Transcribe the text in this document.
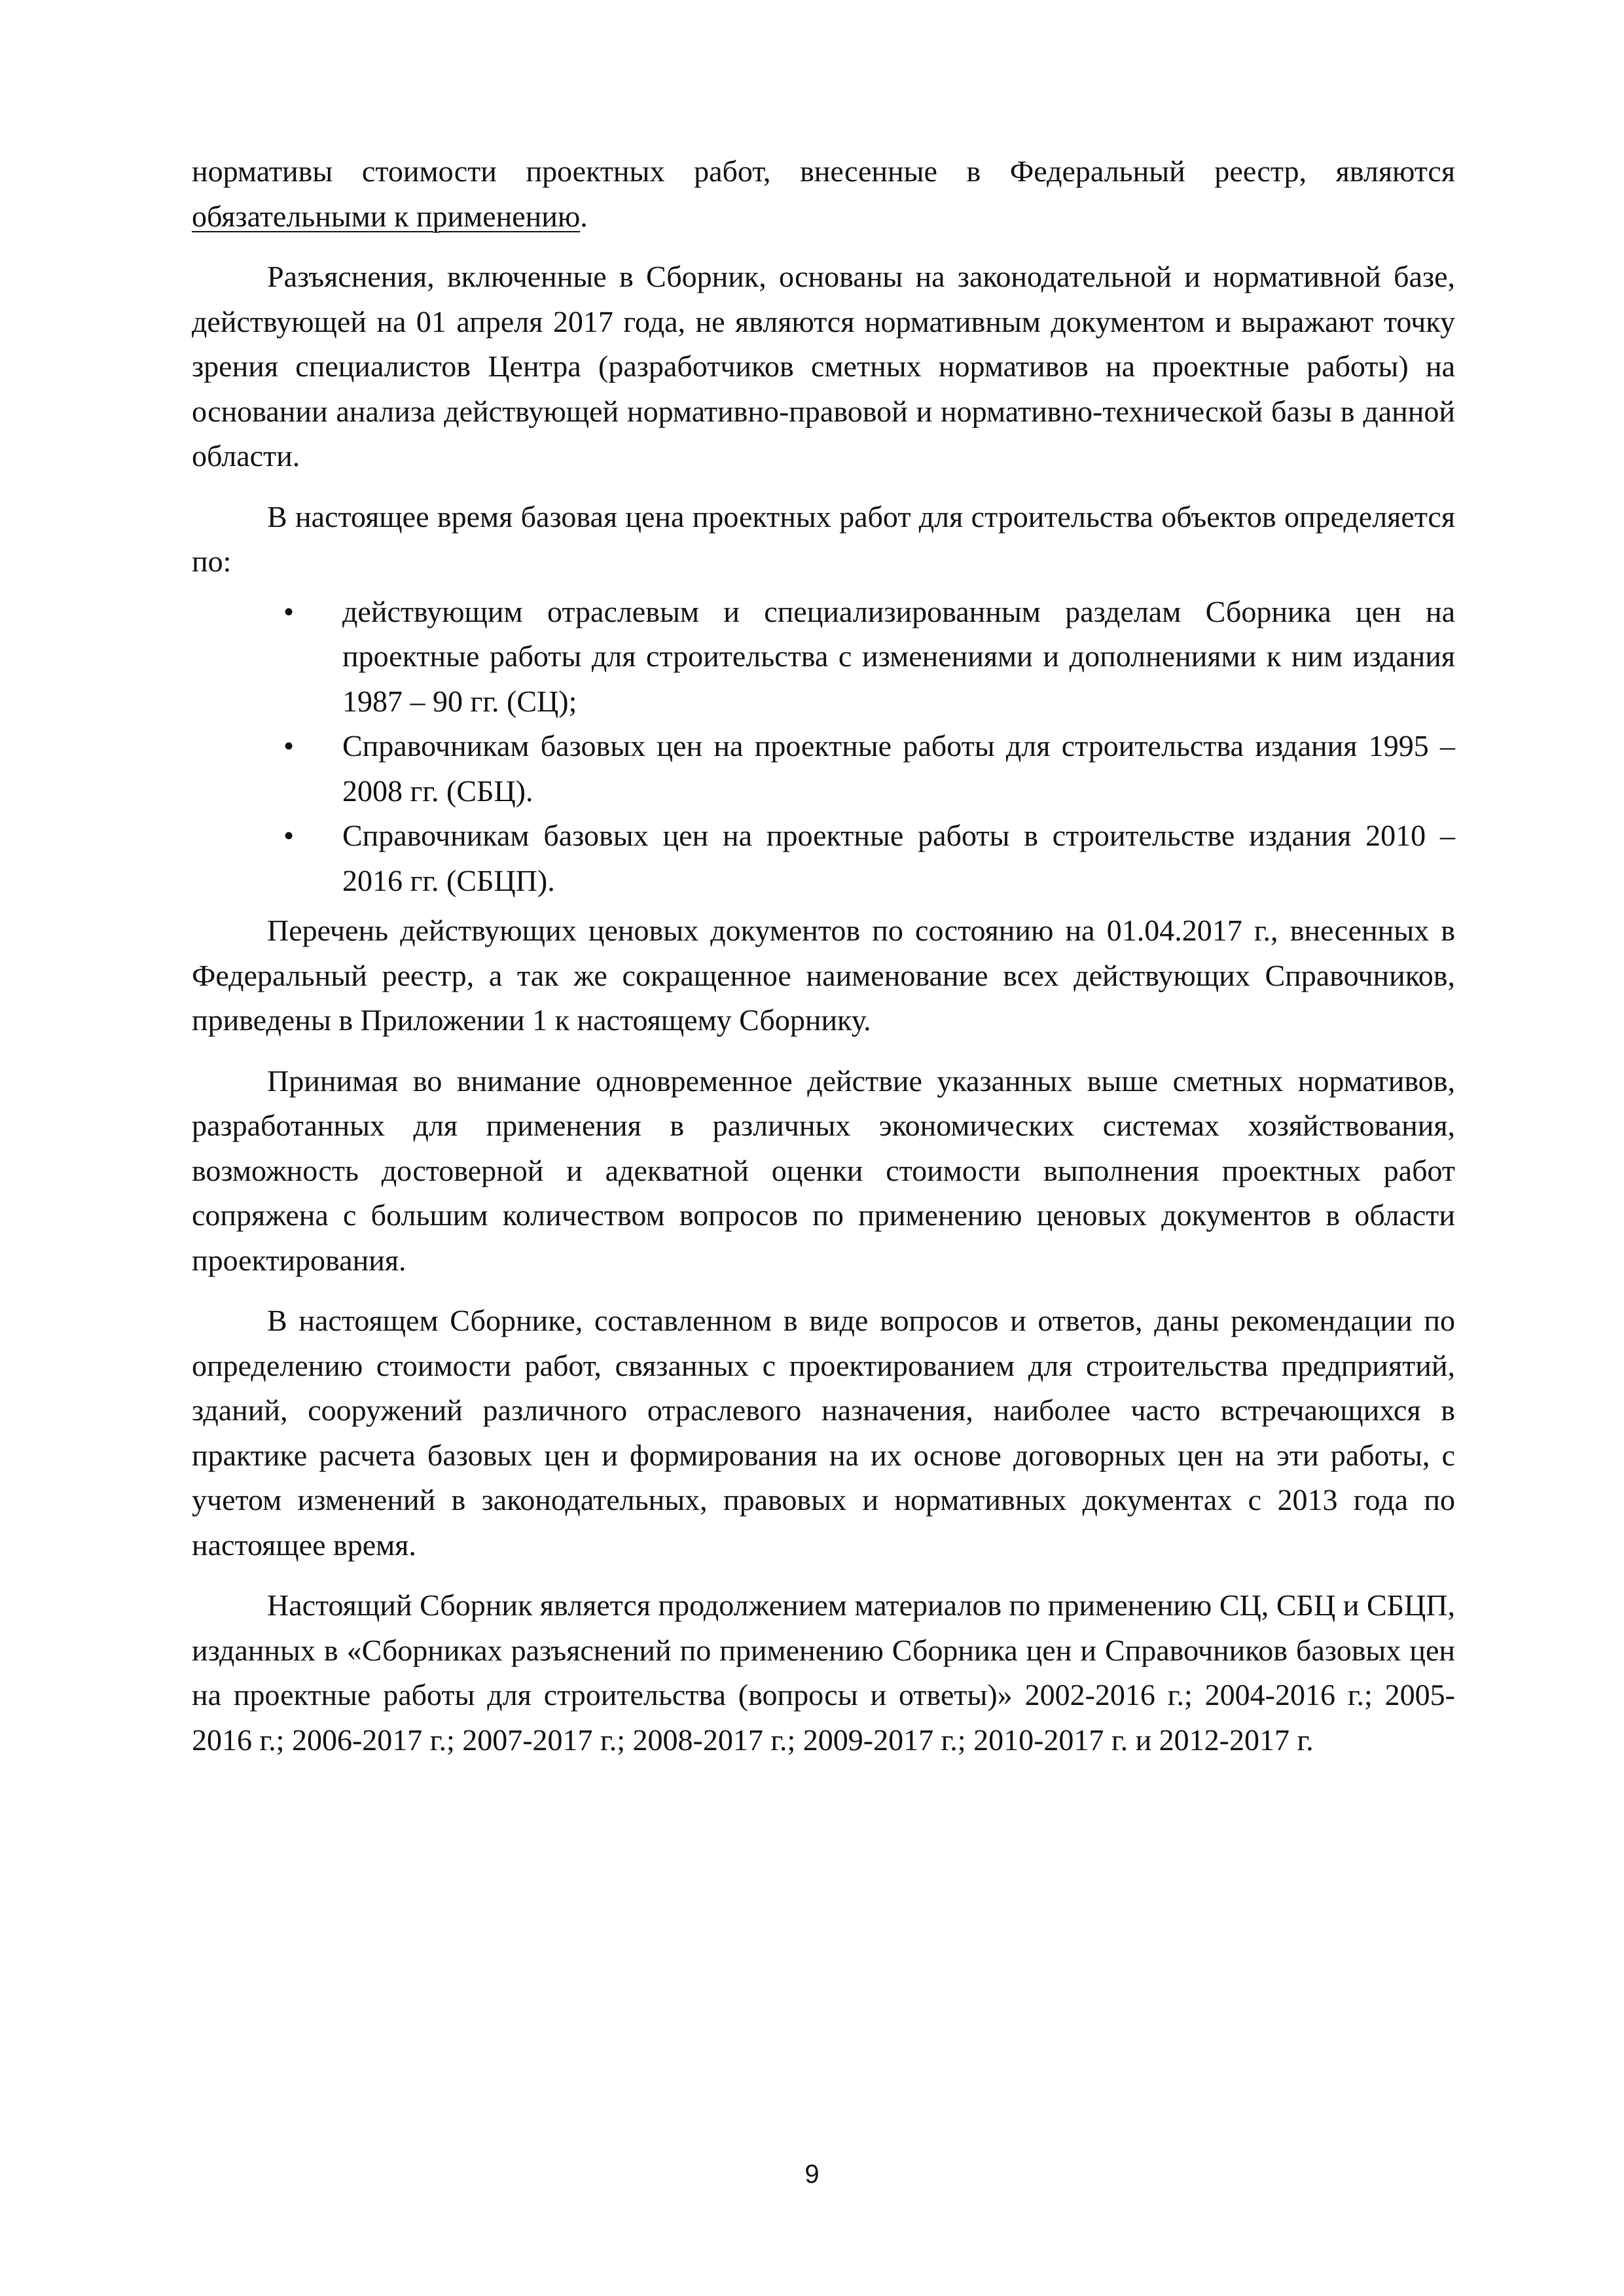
нормативы стоимости проектных работ, внесенные в Федеральный реестр, являются обязательными к применению.

Разъяснения, включенные в Сборник, основаны на законодательной и нормативной базе, действующей на 01 апреля 2017 года, не являются нормативным документом и выражают точку зрения специалистов Центра (разработчиков сметных нормативов на проектные работы) на основании анализа действующей нормативно-правовой и нормативно-технической базы в данной области.

В настоящее время базовая цена проектных работ для строительства объектов определяется по:

•	действующим отраслевым и специализированным разделам Сборника цен на проектные работы для строительства с изменениями и дополнениями к ним издания 1987 – 90 гг. (СЦ);
•	Справочникам базовых цен на проектные работы для строительства издания 1995 – 2008 гг. (СБЦ).
•	Справочникам базовых цен на проектные работы в строительстве издания 2010 – 2016 гг. (СБЦП).

Перечень действующих ценовых документов по состоянию на 01.04.2017 г., внесенных в Федеральный реестр, а так же сокращенное наименование всех действующих Справочников, приведены в Приложении 1 к настоящему Сборнику.

Принимая во внимание одновременное действие указанных выше сметных нормативов, разработанных для применения в различных экономических системах хозяйствования, возможность достоверной и адекватной оценки стоимости выполнения проектных работ сопряжена с большим количеством вопросов по применению ценовых документов в области проектирования.

В настоящем Сборнике, составленном в виде вопросов и ответов, даны рекомендации по определению стоимости работ, связанных с проектированием для строительства предприятий, зданий, сооружений различного отраслевого назначения, наиболее часто встречающихся в практике расчета базовых цен и формирования на их основе договорных цен на эти работы, с учетом изменений в законодательных, правовых и нормативных документах с 2013 года по настоящее время.

Настоящий Сборник является продолжением материалов по применению СЦ, СБЦ и СБЦП, изданных в «Сборниках разъяснений по применению Сборника цен и Справочников базовых цен на проектные работы для строительства (вопросы и ответы)» 2002-2016 г.; 2004-2016 г.; 2005-2016 г.; 2006-2017 г.; 2007-2017 г.; 2008-2017 г.; 2009-2017 г.; 2010-2017 г. и 2012-2017 г.

9
